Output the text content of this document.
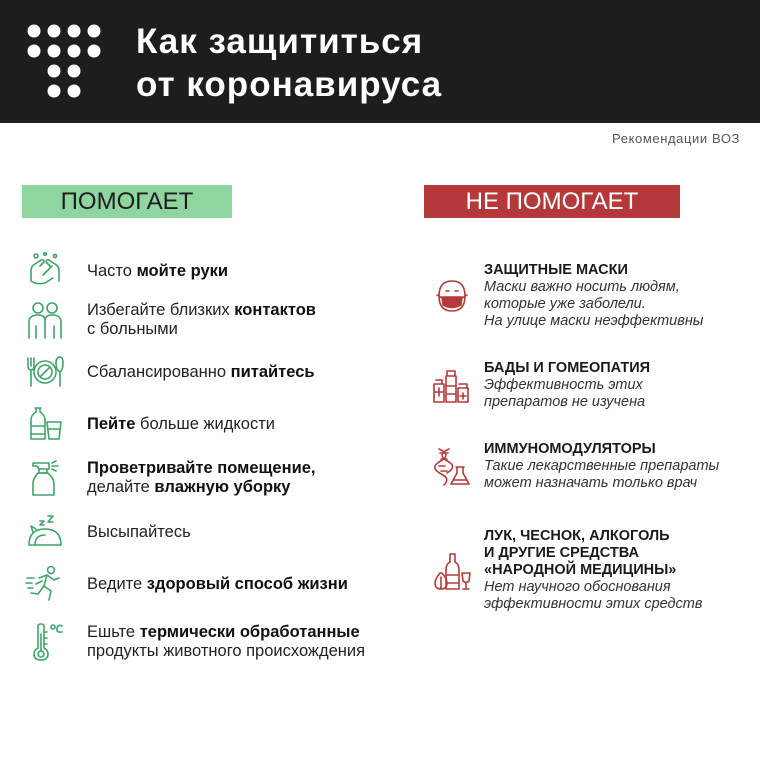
Как защититься
от коронавируса
Рекомендации ВОЗ
ПОМОГАЕТ	НЕ ПОМОГАЕТ
Часто мойте руки
Избегайте близких контактов
с больными
Сбалансированно питайтесь
Пейте больше жидкости
Проветривайте помещение,
делайте влажную уборку
Высыпайтесь
Ведите здоровый способ жизни
Ешьте термически обработанные
продукты животного происхождения
ЗАЩИТНЫЕ МАСКИ
Маски важно носить людям,
которые уже заболели.
На улице маски неэффективны
БАДЫ И ГОМЕОПАТИЯ
Эффективность этих
препаратов не изучена
ИММУНОМОДУЛЯТОРЫ
Такие лекарственные препараты
может назначать только врач
ЛУК, ЧЕСНОК, АЛКОГОЛЬ
И ДРУГИЕ СРЕДСТВА
«НАРОДНОЙ МЕДИЦИНЫ»
Нет научного обоснования
эффективности этих средств
